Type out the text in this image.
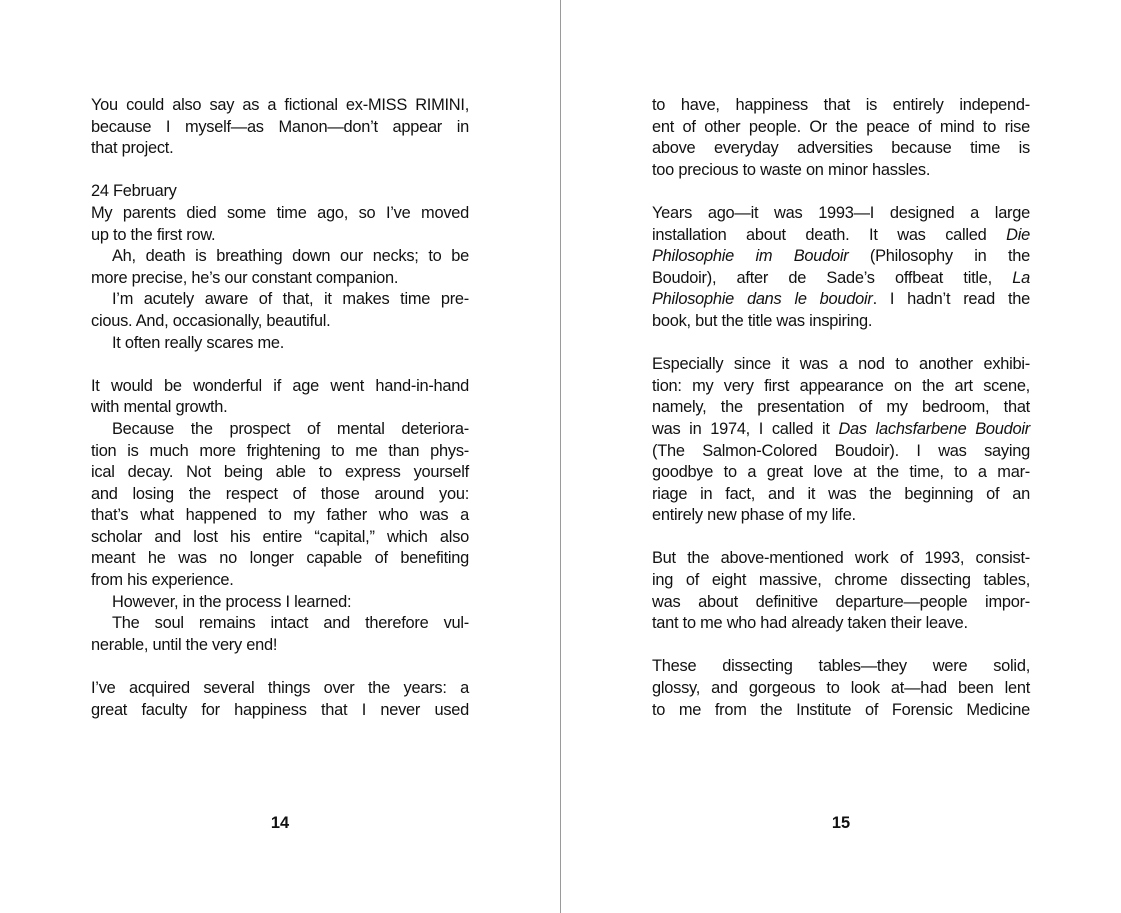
You could also say as a fictional ex-MISS RIMINI,
because I myself—as Manon—don’t appear in
that project.
24 February
My parents died some time ago, so I’ve moved
up to the first row.
Ah, death is breathing down our necks; to be
more precise, he’s our constant companion.
I’m acutely aware of that, it makes time pre-
cious. And, occasionally, beautiful.
It often really scares me.
It would be wonderful if age went hand-in-hand
with mental growth.
Because the prospect of mental deteriora-
tion is much more frightening to me than phys-
ical decay. Not being able to express yourself
and losing the respect of those around you:
that’s what happened to my father who was a
scholar and lost his entire “capital,” which also
meant he was no longer capable of benefiting
from his experience.
However, in the process I learned:
The soul remains intact and therefore vul-
nerable, until the very end!
I’ve acquired several things over the years: a
great faculty for happiness that I never used
to have, happiness that is entirely independ-
ent of other people. Or the peace of mind to rise
above everyday adversities because time is
too precious to waste on minor hassles.
Years ago—it was 1993—I designed a large
installation about death. It was called Die
Philosophie im Boudoir (Philosophy in the
Boudoir), after de Sade’s offbeat title, La
Philosophie dans le boudoir. I hadn’t read the
book, but the title was inspiring.
Especially since it was a nod to another exhibi-
tion: my very first appearance on the art scene,
namely, the presentation of my bedroom, that
was in 1974, I called it Das lachsfarbene Boudoir
(The Salmon-Colored Boudoir). I was saying
goodbye to a great love at the time, to a mar-
riage in fact, and it was the beginning of an
entirely new phase of my life.
But the above-mentioned work of 1993, consist-
ing of eight massive, chrome dissecting tables,
was about definitive departure—people impor-
tant to me who had already taken their leave.
These dissecting tables—they were solid,
glossy, and gorgeous to look at—had been lent
to me from the Institute of Forensic Medicine
14	15
